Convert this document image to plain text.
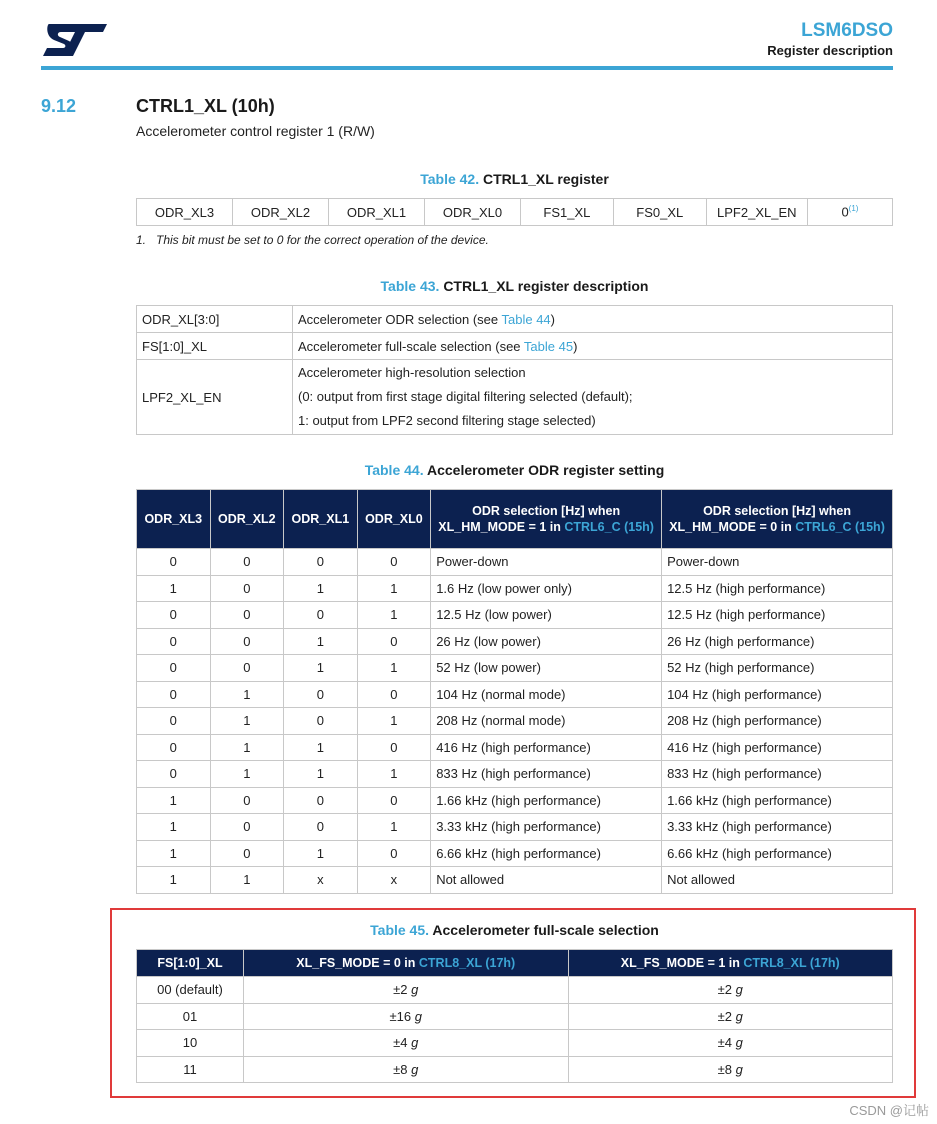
LSM6DSO
Register description
9.12	CTRL1_XL (10h)
Accelerometer control register 1 (R/W)
Table 42. CTRL1_XL register
ODR_XL3	ODR_XL2	ODR_XL1	ODR_XL0	FS1_XL	FS0_XL	LPF2_XL_EN	0$^{(1)}$
1.   This bit must be set to 0 for the correct operation of the device.
Table 43. CTRL1_XL register description
ODR_XL[3:0]	Accelerometer ODR selection (see Table 44)
FS[1:0]_XL	Accelerometer full-scale selection (see Table 45)
LPF2_XL_EN	Accelerometer high-resolution selection
(0: output from first stage digital filtering selected (default);
1: output from LPF2 second filtering stage selected)
Table 44. Accelerometer ODR register setting
ODR_XL3	ODR_XL2	ODR_XL1	ODR_XL0	ODR selection [Hz] when XL_HM_MODE = 1 in CTRL6_C (15h)	ODR selection [Hz] when XL_HM_MODE = 0 in CTRL6_C (15h)
0	0	0	0	Power-down	Power-down
1	0	1	1	1.6 Hz (low power only)	12.5 Hz (high performance)
0	0	0	1	12.5 Hz (low power)	12.5 Hz (high performance)
0	0	1	0	26 Hz (low power)	26 Hz (high performance)
0	0	1	1	52 Hz (low power)	52 Hz (high performance)
0	1	0	0	104 Hz (normal mode)	104 Hz (high performance)
0	1	0	1	208 Hz (normal mode)	208 Hz (high performance)
0	1	1	0	416 Hz (high performance)	416 Hz (high performance)
0	1	1	1	833 Hz (high performance)	833 Hz (high performance)
1	0	0	0	1.66 kHz (high performance)	1.66 kHz (high performance)
1	0	0	1	3.33 kHz (high performance)	3.33 kHz (high performance)
1	0	1	0	6.66 kHz (high performance)	6.66 kHz (high performance)
1	1	x	x	Not allowed	Not allowed
Table 45. Accelerometer full-scale selection
FS[1:0]_XL	XL_FS_MODE = 0 in CTRL8_XL (17h)	XL_FS_MODE = 1 in CTRL8_XL (17h)
00 (default)	±2 g	±2 g
01	±16 g	±2 g
10	±4 g	±4 g
11	±8 g	±8 g
CSDN @记帖
